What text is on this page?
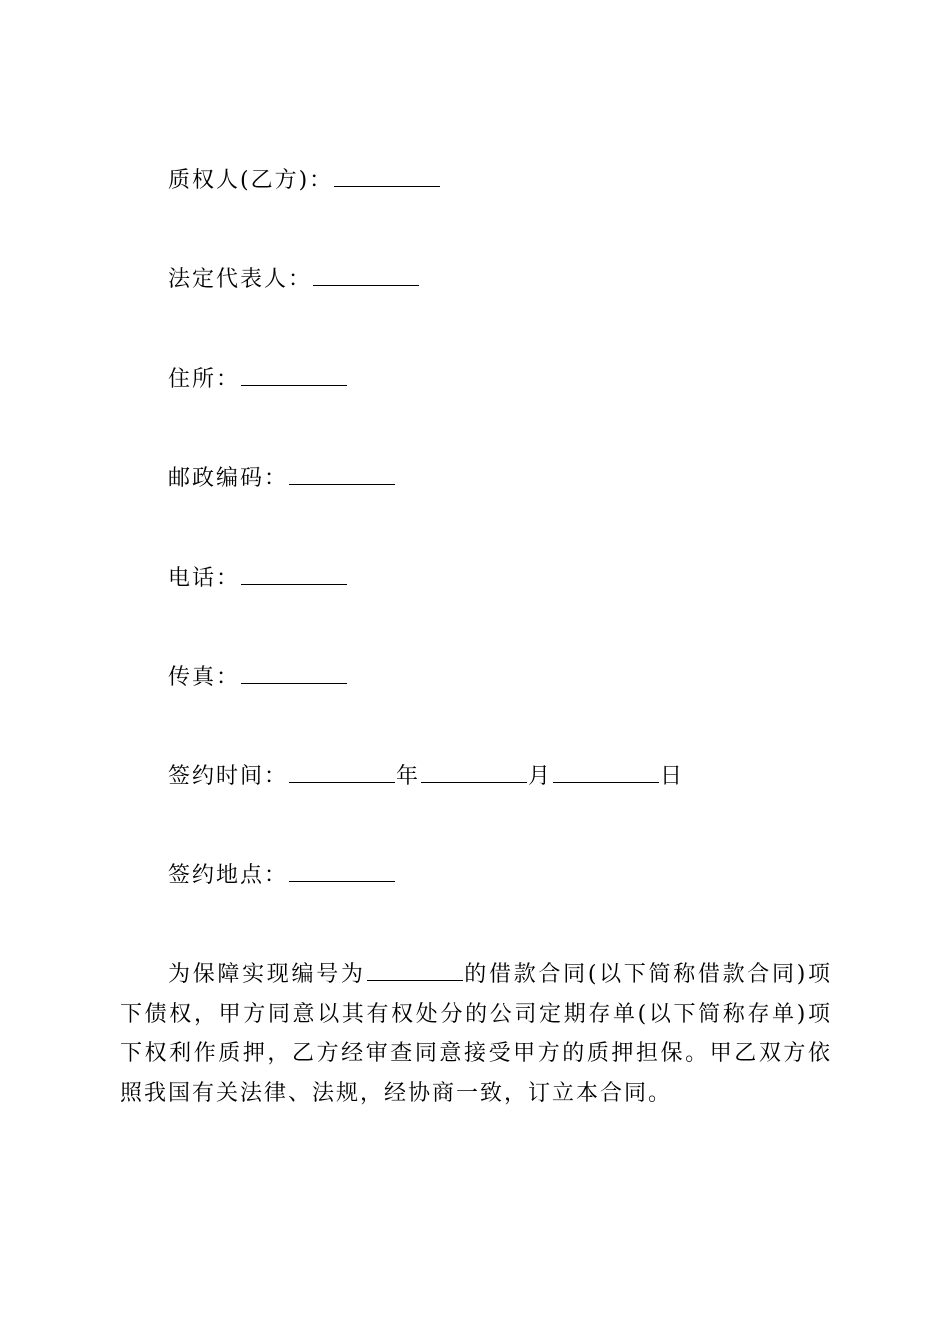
质权人(乙方)：
法定代表人：
住所：
邮政编码：
电话：
传真：
签约时间：	年	月	日
签约地点：
为保障实现编号为	的借款合同(以下简称借款合同)项下债权，甲方同意以其有权处分的公司定期存单(以下简称存单)项下权利作质押，乙方经审查同意接受甲方的质押担保。甲乙双方依照我国有关法律、法规，经协商一致，订立本合同。
